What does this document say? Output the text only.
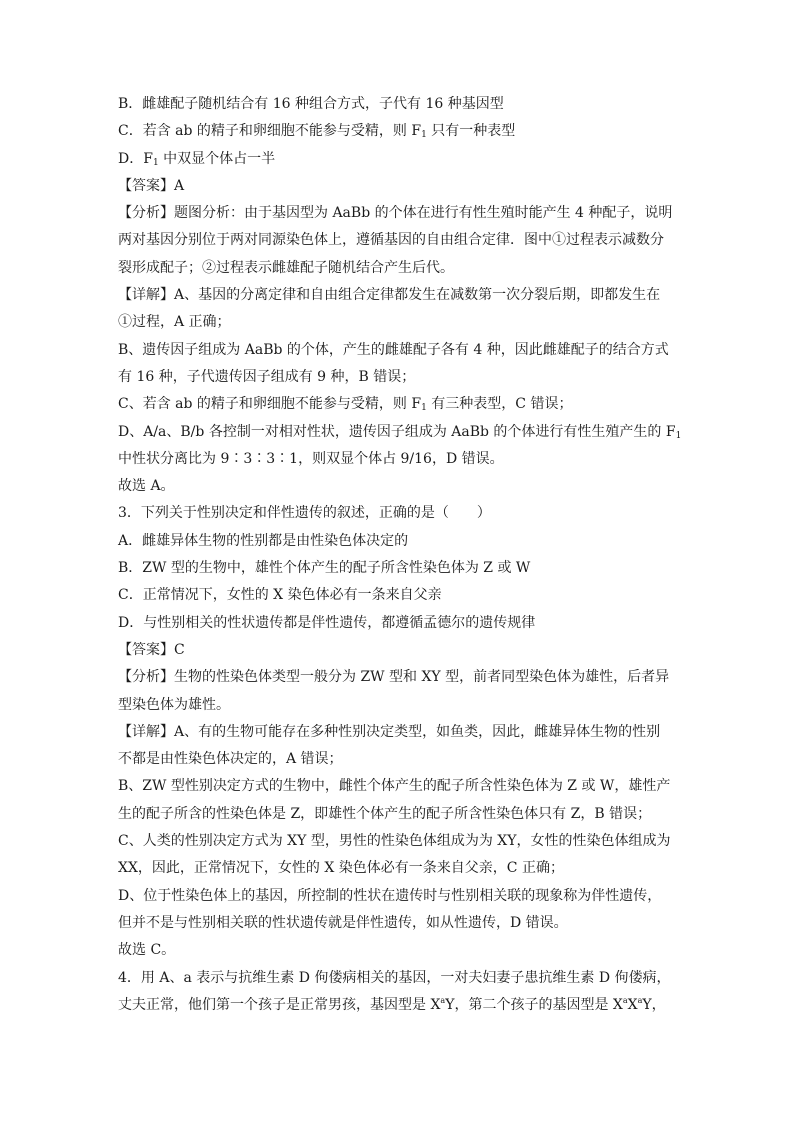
B．雌雄配子随机结合有 16 种组合方式，子代有 16 种基因型
C．若含 ab 的精子和卵细胞不能参与受精，则 $F_1$ 只有一种表型
D．$F_1$ 中双显个体占一半
【答案】A
【分析】题图分析：由于基因型为 AaBb 的个体在进行有性生殖时能产生 4 种配子，说明
两对基因分别位于两对同源染色体上，遵循基因的自由组合定律．图中①过程表示减数分
裂形成配子；②过程表示雌雄配子随机结合产生后代。
【详解】A、基因的分离定律和自由组合定律都发生在减数第一次分裂后期，即都发生在
①过程，A 正确；
B、遗传因子组成为 AaBb 的个体，产生的雌雄配子各有 4 种，因此雌雄配子的结合方式
有 16 种，子代遗传因子组成有 9 种，B 错误；
C、若含 ab 的精子和卵细胞不能参与受精，则 $F_1$ 有三种表型，C 错误；
D、A/a、B/b 各控制一对相对性状，遗传因子组成为 AaBb 的个体进行有性生殖产生的 $F_1$
中性状分离比为 9∶3∶3∶1，则双显个体占 9/16，D 错误。
故选 A。
3．下列关于性别决定和伴性遗传的叙述，正确的是（　　）
A．雌雄异体生物的性别都是由性染色体决定的
B．ZW 型的生物中，雄性个体产生的配子所含性染色体为 Z 或 W
C．正常情况下，女性的 X 染色体必有一条来自父亲
D．与性别相关的性状遗传都是伴性遗传，都遵循孟德尔的遗传规律
【答案】C
【分析】生物的性染色体类型一般分为 ZW 型和 XY 型，前者同型染色体为雄性，后者异
型染色体为雄性。
【详解】A、有的生物可能存在多种性别决定类型，如鱼类，因此，雌雄异体生物的性别
不都是由性染色体决定的，A 错误；
B、ZW 型性别决定方式的生物中，雌性个体产生的配子所含性染色体为 Z 或 W，雄性产
生的配子所含的性染色体是 Z，即雄性个体产生的配子所含性染色体只有 Z，B 错误；
C、人类的性别决定方式为 XY 型，男性的性染色体组成为为 XY，女性的性染色体组成为
XX，因此，正常情况下，女性的 X 染色体必有一条来自父亲，C 正确；
D、位于性染色体上的基因，所控制的性状在遗传时与性别相关联的现象称为伴性遗传，
但并不是与性别相关联的性状遗传就是伴性遗传，如从性遗传，D 错误。
故选 C。
4．用 A、a 表示与抗维生素 D 佝偻病相关的基因，一对夫妇妻子患抗维生素 D 佝偻病，
丈夫正常，他们第一个孩子是正常男孩，基因型是 $X^aY$，第二个孩子的基因型是 $X^aX^aY$，
